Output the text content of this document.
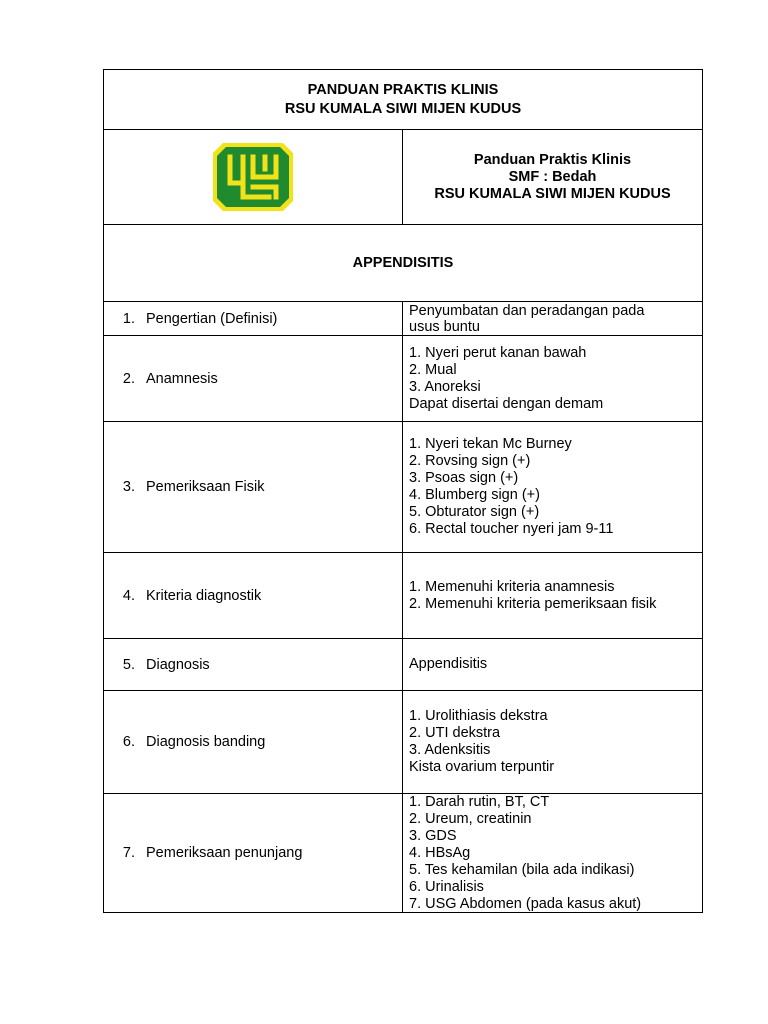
PANDUAN PRAKTIS KLINIS
RSU KUMALA SIWI MIJEN KUDUS
Panduan Praktis Klinis
SMF : Bedah
RSU KUMALA SIWI MIJEN KUDUS
APPENDISITIS
1. Pengertian (Definisi)	Penyumbatan dan peradangan pada
usus buntu
2. Anamnesis
1. Nyeri perut kanan bawah
2. Mual
3. Anoreksi
Dapat disertai dengan demam
3. Pemeriksaan Fisik
1. Nyeri tekan Mc Burney
2. Rovsing sign (+)
3. Psoas sign (+)
4. Blumberg sign (+)
5. Obturator sign (+)
6. Rectal toucher nyeri jam 9-11
4. Kriteria diagnostik
1. Memenuhi kriteria anamnesis
2. Memenuhi kriteria pemeriksaan fisik
5. Diagnosis	Appendisitis
6. Diagnosis banding
1. Urolithiasis dekstra
2. UTI dekstra
3. Adenksitis
Kista ovarium terpuntir
7. Pemeriksaan penunjang
1. Darah rutin, BT, CT
2. Ureum, creatinin
3. GDS
4. HBsAg
5. Tes kehamilan (bila ada indikasi)
6. Urinalisis
7. USG Abdomen (pada kasus akut)
